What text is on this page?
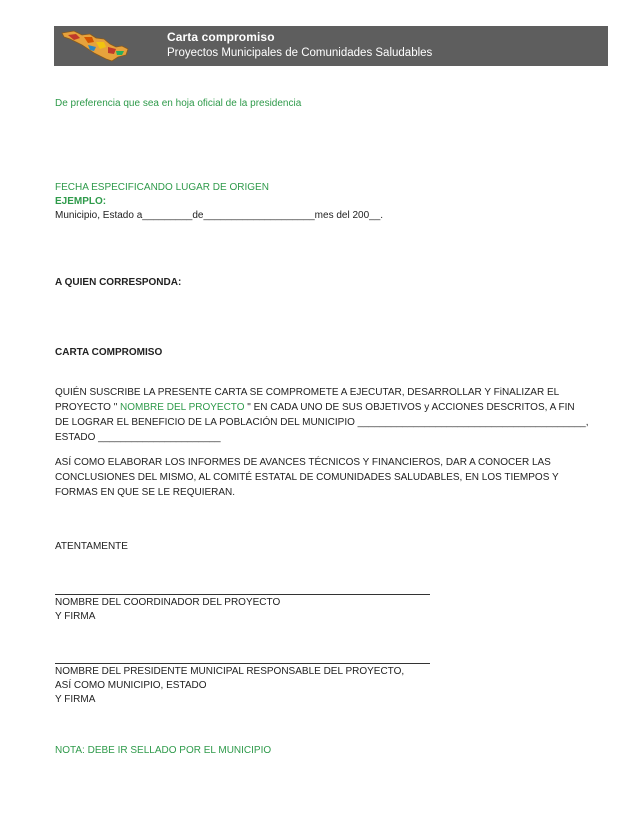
Carta compromiso
Proyectos Municipales de Comunidades Saludables
De preferencia que sea en hoja oficial de la presidencia
FECHA ESPECIFICANDO LUGAR DE ORIGEN
EJEMPLO:
Municipio, Estado a_________de____________________mes del 200__.
A QUIEN CORRESPONDA:
CARTA COMPROMISO
QUIÉN SUSCRIBE LA PRESENTE CARTA SE COMPROMETE A EJECUTAR, DESARROLLAR Y FiNALIZAR EL
PROYECTO " NOMBRE DEL PROYECTO " EN CADA UNO DE SUS OBJETIVOS y ACCIONES DESCRITOS, A FIN
DE LOGRAR EL BENEFICIO DE LA POBLACIÓN DEL MUNICIPIO _________________________________________,
ESTADO ______________________
ASÍ COMO ELABORAR LOS INFORMES DE AVANCES TÉCNICOS Y FINANCIEROS, DAR A CONOCER LAS
CONCLUSIONES DEL MISMO, AL COMITÉ ESTATAL DE COMUNIDADES SALUDABLES, EN LOS TIEMPOS Y
FORMAS EN QUE SE LE REQUIERAN.
ATENTAMENTE
NOMBRE DEL COORDINADOR DEL PROYECTO
Y FIRMA
NOMBRE DEL PRESIDENTE MUNICIPAL RESPONSABLE DEL PROYECTO,
ASÍ COMO MUNICIPIO, ESTADO
Y FIRMA
NOTA: DEBE IR SELLADO POR EL MUNICIPIO
